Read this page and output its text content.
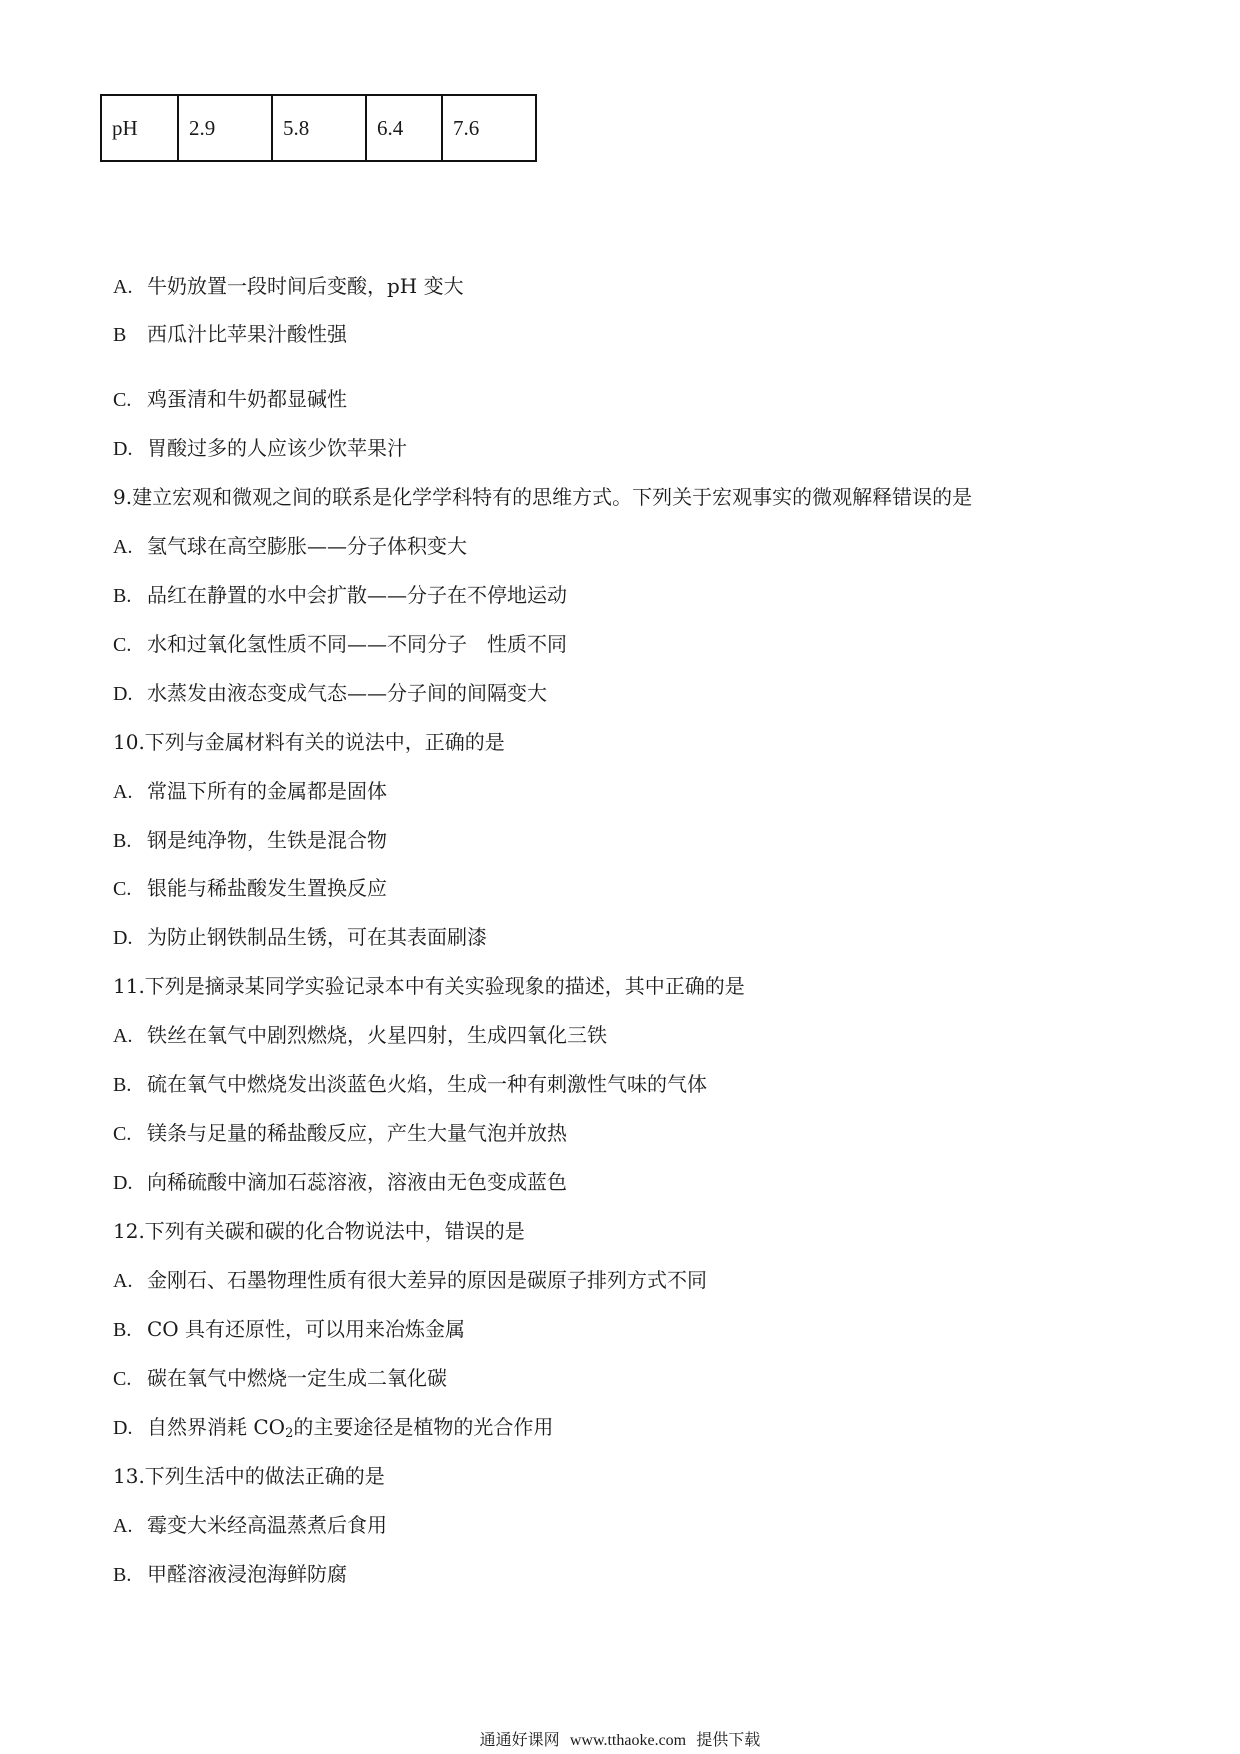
pH	2.9	5.8	6.4	7.6
A. 牛奶放置一段时间后变酸，pH 变大
B 西瓜汁比苹果汁酸性强
C. 鸡蛋清和牛奶都显碱性
D. 胃酸过多的人应该少饮苹果汁
9.建立宏观和微观之间的联系是化学学科特有的思维方式。下列关于宏观事实的微观解释错误的是
A. 氢气球在高空膨胀——分子体积变大
B. 品红在静置的水中会扩散——分子在不停地运动
C. 水和过氧化氢性质不同——不同分子　性质不同
D. 水蒸发由液态变成气态——分子间的间隔变大
10.下列与金属材料有关的说法中，正确的是
A. 常温下所有的金属都是固体
B. 钢是纯净物，生铁是混合物
C. 银能与稀盐酸发生置换反应
D. 为防止钢铁制品生锈，可在其表面刷漆
11.下列是摘录某同学实验记录本中有关实验现象的描述，其中正确的是
A. 铁丝在氧气中剧烈燃烧，火星四射，生成四氧化三铁
B. 硫在氧气中燃烧发出淡蓝色火焰，生成一种有刺激性气味的气体
C. 镁条与足量的稀盐酸反应，产生大量气泡并放热
D. 向稀硫酸中滴加石蕊溶液，溶液由无色变成蓝色
12.下列有关碳和碳的化合物说法中，错误的是
A. 金刚石、石墨物理性质有很大差异的原因是碳原子排列方式不同
B. CO 具有还原性，可以用来冶炼金属
C. 碳在氧气中燃烧一定生成二氧化碳
D. 自然界消耗 $CO_2$的主要途径是植物的光合作用
13.下列生活中的做法正确的是
A. 霉变大米经高温蒸煮后食用
B. 甲醛溶液浸泡海鲜防腐
通通好课网 www.tthaoke.com 提供下载
